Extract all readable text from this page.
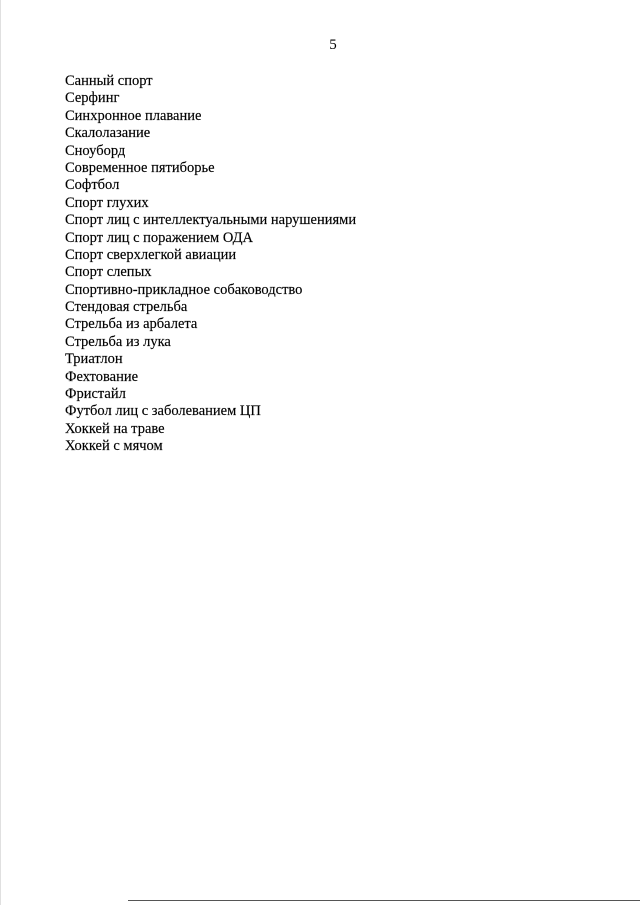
5

Санный спорт
Серфинг
Синхронное плавание
Скалолазание
Сноуборд
Современное пятиборье
Софтбол
Спорт глухих
Спорт лиц с интеллектуальными нарушениями
Спорт лиц с поражением ОДА
Спорт сверхлегкой авиации
Спорт слепых
Спортивно-прикладное собаководство
Стендовая стрельба
Стрельба из арбалета
Стрельба из лука
Триатлон
Фехтование
Фристайл
Футбол лиц с заболеванием ЦП
Хоккей на траве
Хоккей с мячом
